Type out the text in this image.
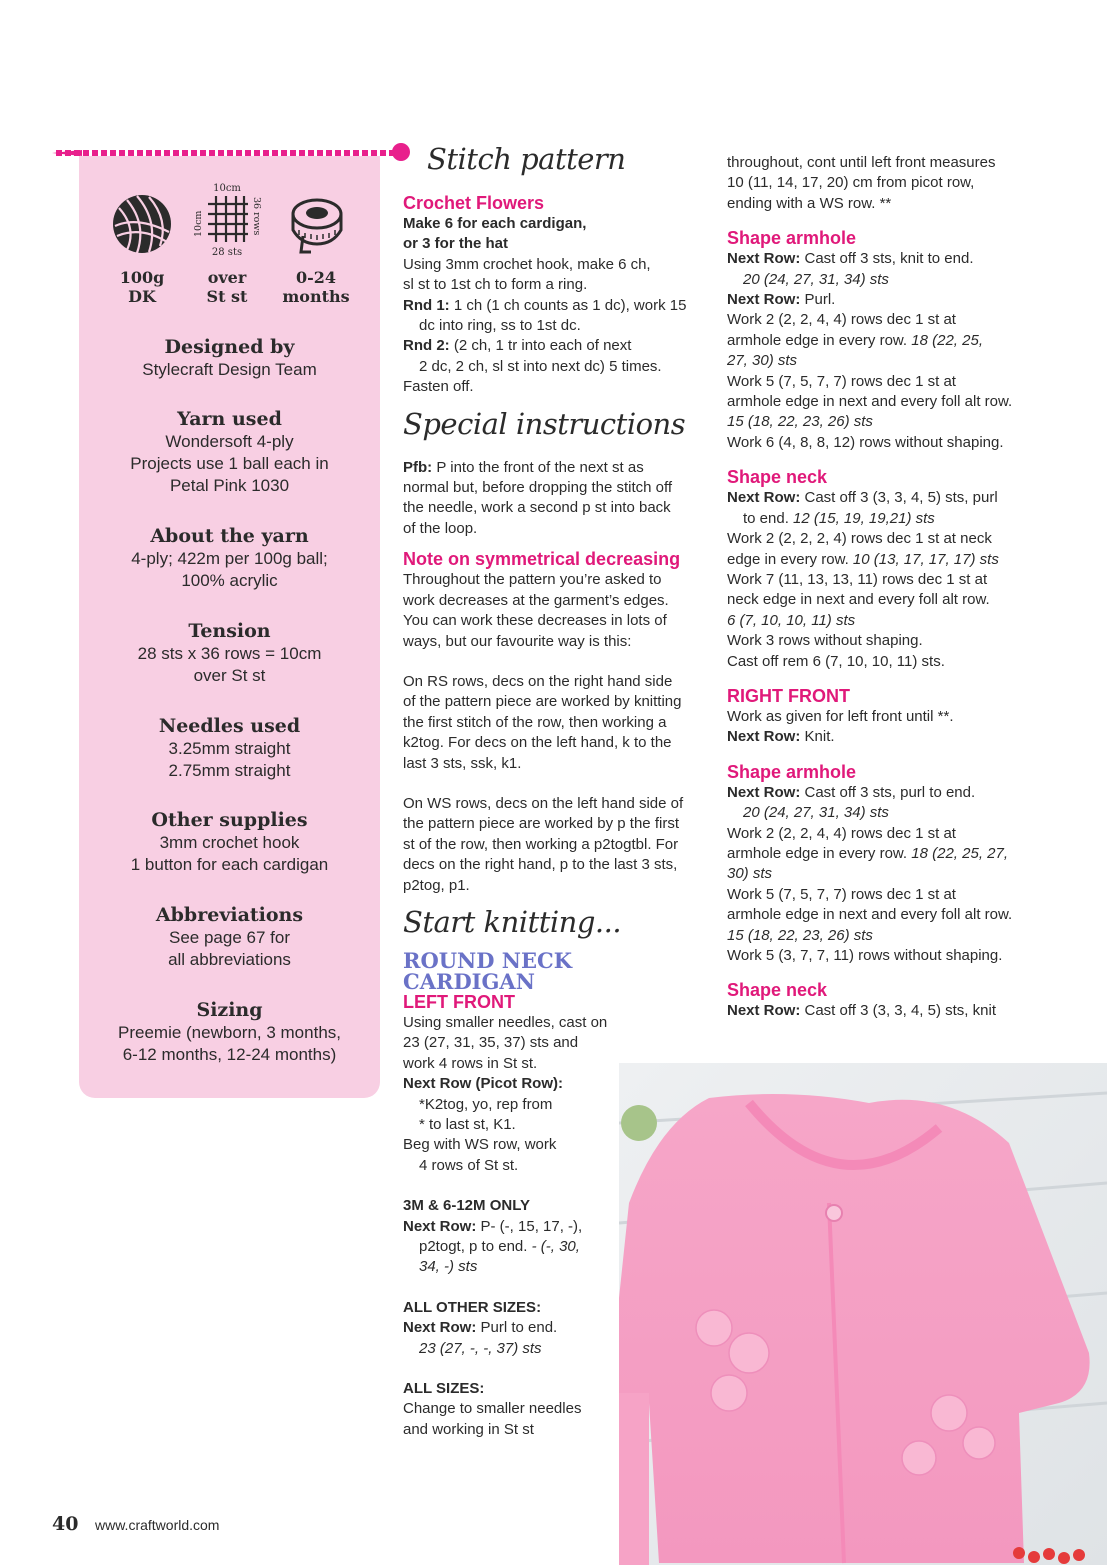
100g
DK
10cm
10cm	36 rows
28 sts
over
St st
0-24
months
Designed by

Stylecraft Design Team

Yarn used

Wondersoft 4-ply

Projects use 1 ball each in

Petal Pink 1030

About the yarn

4-ply; 422m per 100g ball;

100% acrylic

Tension

28 sts x 36 rows = 10cm

over St st

Needles used

3.25mm straight

2.75mm straight

Other supplies

3mm crochet hook

1 button for each cardigan

Abbreviations

See page 67 for

all abbreviations

Sizing

Preemie (newborn, 3 months,

6-12 months, 12-24 months)

Stitch pattern
Crochet Flowers

Make 6 for each cardigan,

or 3 for the hat

Using 3mm crochet hook, make 6 ch,

sl st to 1st ch to form a ring.

Rnd 1: 1 ch (1 ch counts as 1 dc), work 15

dc into ring, ss to 1st dc.

Rnd 2: (2 ch, 1 tr into each of next

2 dc, 2 ch, sl st into next dc) 5 times.

Fasten off.

Special instructions

Pfb: P into the front of the next st as

normal but, before dropping the stitch off

the needle, work a second p st into back

of the loop.

Note on symmetrical decreasing

Throughout the pattern you’re asked to

work decreases at the garment’s edges.

You can work these decreases in lots of

ways, but our favourite way is this:

On RS rows, decs on the right hand side

of the pattern piece are worked by knitting

the first stitch of the row, then working a

k2tog. For decs on the left hand, k to the

last 3 sts, ssk, k1.

On WS rows, decs on the left hand side of

the pattern piece are worked by p the first

st of the row, then working a p2togtbl. For

decs on the right hand, p to the last 3 sts,

p2tog, p1.

Start knitting...
ROUND NECK
CARDIGAN
LEFT FRONT

Using smaller needles, cast on

23 (27, 31, 35, 37) sts and

work 4 rows in St st.

Next Row (Picot Row):

*K2tog, yo, rep from

* to last st, K1.

Beg with WS row, work

4 rows of St st.

3M & 6-12M ONLY

Next Row: P- (-, 15, 17, -),

p2togt, p to end. - (-, 30,

34, -) sts

ALL OTHER SIZES:

Next Row: Purl to end.

23 (27, -, -, 37) sts

ALL SIZES:

Change to smaller needles

and working in St st

throughout, cont until left front measures

10 (11, 14, 17, 20) cm from picot row,

ending with a WS row. **

Shape armhole

Next Row: Cast off 3 sts, knit to end.

20 (24, 27, 31, 34) sts

Next Row: Purl.

Work 2 (2, 2, 4, 4) rows dec 1 st at

armhole edge in every row. 18 (22, 25,

27, 30) sts

Work 5 (7, 5, 7, 7) rows dec 1 st at

armhole edge in next and every foll alt row.

15 (18, 22, 23, 26) sts

Work 6 (4, 8, 8, 12) rows without shaping.

Shape neck

Next Row: Cast off 3 (3, 3, 4, 5) sts, purl

to end. 12 (15, 19, 19,21) sts

Work 2 (2, 2, 2, 4) rows dec 1 st at neck

edge in every row. 10 (13, 17, 17, 17) sts

Work 7 (11, 13, 13, 11) rows dec 1 st at

neck edge in next and every foll alt row.

6 (7, 10, 10, 11) sts

Work 3 rows without shaping.

Cast off rem 6 (7, 10, 10, 11) sts.

RIGHT FRONT

Work as given for left front until **.

Next Row: Knit.

Shape armhole

Next Row: Cast off 3 sts, purl to end.

20 (24, 27, 31, 34) sts

Work 2 (2, 2, 4, 4) rows dec 1 st at

armhole edge in every row. 18 (22, 25, 27,

30) sts

Work 5 (7, 5, 7, 7) rows dec 1 st at

armhole edge in next and every foll alt row.

15 (18, 22, 23, 26) sts

Work 5 (3, 7, 7, 11) rows without shaping.

Shape neck

Next Row: Cast off 3 (3, 3, 4, 5) sts, knit

40 www.craftworld.com
